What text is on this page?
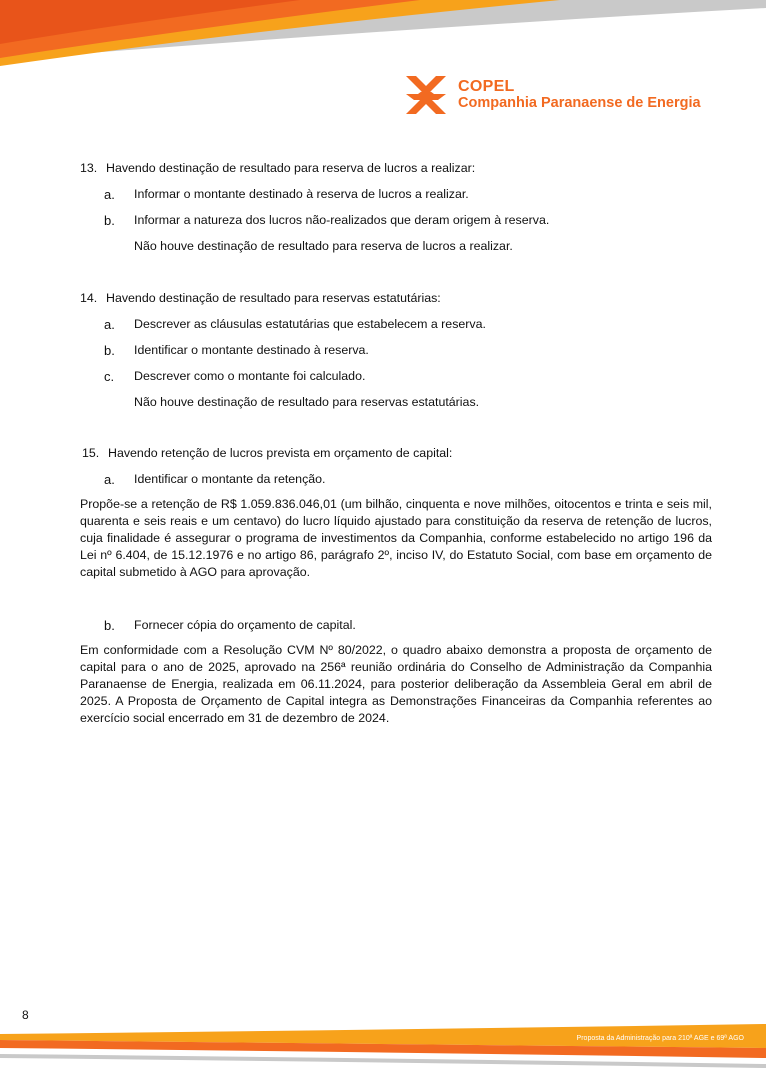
COPEL
Companhia Paranaense de Energia
13. Havendo destinação de resultado para reserva de lucros a realizar:
a.	Informar o montante destinado à reserva de lucros a realizar.
b.	Informar a natureza dos lucros não-realizados que deram origem à reserva.
Não houve destinação de resultado para reserva de lucros a realizar.
14. Havendo destinação de resultado para reservas estatutárias:
a.	Descrever as cláusulas estatutárias que estabelecem a reserva.
b.	Identificar o montante destinado à reserva.
c.	Descrever como o montante foi calculado.
Não houve destinação de resultado para reservas estatutárias.
15. Havendo retenção de lucros prevista em orçamento de capital:
a.	Identificar o montante da retenção.

Propõe-se a retenção de R$ 1.059.836.046,01 (um bilhão, cinquenta e nove milhões, oitocentos e trinta e seis mil, quarenta e seis reais e um centavo) do lucro líquido ajustado para constituição da reserva de retenção de lucros, cuja finalidade é assegurar o programa de investimentos da Companhia, conforme estabelecido no artigo 196 da Lei nº 6.404, de 15.12.1976 e no artigo 86, parágrafo 2º, inciso IV, do Estatuto Social, com base em orçamento de capital submetido à AGO para aprovação.

b.	Fornecer cópia do orçamento de capital.

Em conformidade com a Resolução CVM Nº 80/2022, o quadro abaixo demonstra a proposta de orçamento de capital para o ano de 2025, aprovado na 256ª reunião ordinária do Conselho de Administração da Companhia Paranaense de Energia, realizada em 06.11.2024, para posterior deliberação da Assembleia Geral em abril de 2025. A Proposta de Orçamento de Capital integra as Demonstrações Financeiras da Companhia referentes ao exercício social encerrado em 31 de dezembro de 2024.

8
Proposta da Administração para 210ª AGE e 69ª AGO
